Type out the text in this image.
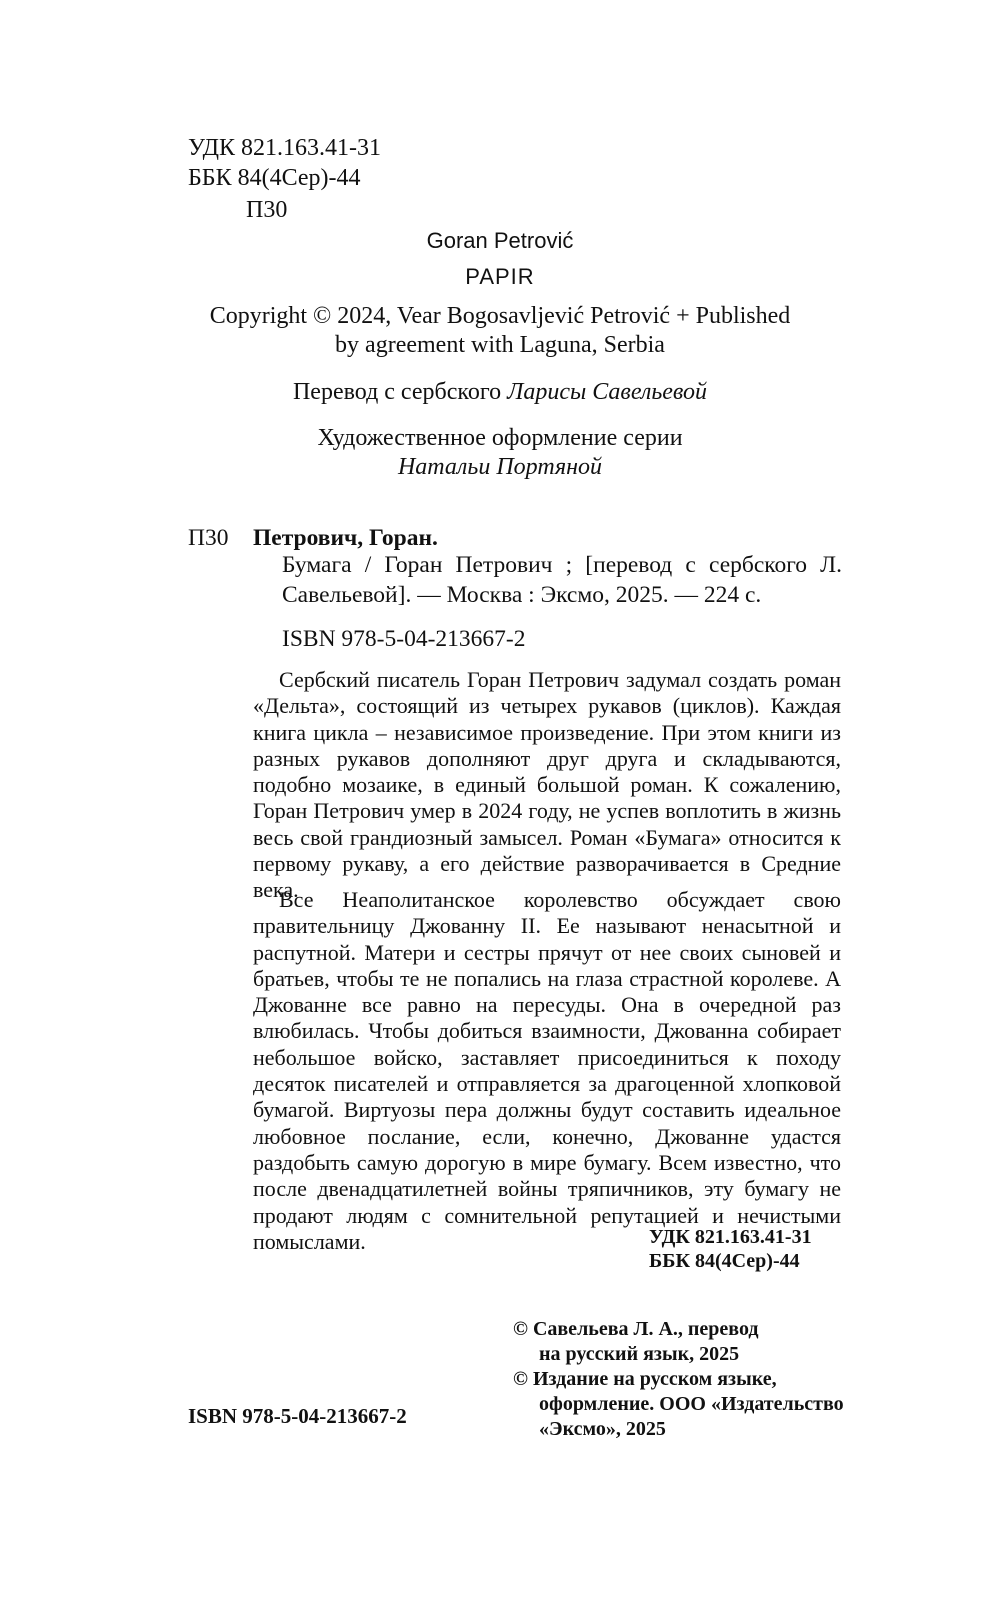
УДК 821.163.41-31
ББК 84(4Сер)-44
П30
Goran Petrović
PAPIR
Copyright © 2024, Vear Bogosavljević Petrović + Published
by agreement with Laguna, Serbia
Перевод с сербского Ларисы Савельевой
Художественное оформление серии
Натальи Портяной
П30 Петрович, Горан.

Бумага / Горан Петрович ; [перевод с сербского Л. Савельевой]. — Москва : Эксмо, 2025. — 224 с.

ISBN 978-5-04-213667-2

Сербский писатель Горан Петрович задумал создать роман «Дельта», состоящий из четырех рукавов (циклов). Каждая книга цикла – независимое произведение. При этом книги из разных рукавов дополняют друг друга и складываются, подобно мозаике, в единый большой роман. К сожалению, Горан Петрович умер в 2024 году, не успев воплотить в жизнь весь свой грандиозный замысел. Роман «Бумага» относится к первому рукаву, а его действие разворачивается в Средние века.

Все Неаполитанское королевство обсуждает свою правительницу Джованну II. Ее называют ненасытной и распутной. Матери и сестры прячут от нее своих сыновей и братьев, чтобы те не попались на глаза страстной королеве. А Джованне все равно на пересуды. Она в очередной раз влюбилась. Чтобы добиться взаимности, Джованна собирает небольшое войско, заставляет присоединиться к походу десяток писателей и отправляется за драгоценной хлопковой бумагой. Виртуозы пера должны будут составить идеальное любовное послание, если, конечно, Джованне удастся раздобыть самую дорогую в мире бумагу. Всем известно, что после двенадцатилетней войны тряпичников, эту бумагу не продают людям с сомнительной репутацией и нечистыми помыслами.	УДК 821.163.41-31
ББК 84(4Сер)-44
© Савельева Л. А., перевод
на русский язык, 2025
© Издание на русском языке,
оформление. ООО «Издательство
«Эксмо», 2025
ISBN 978-5-04-213667-2
